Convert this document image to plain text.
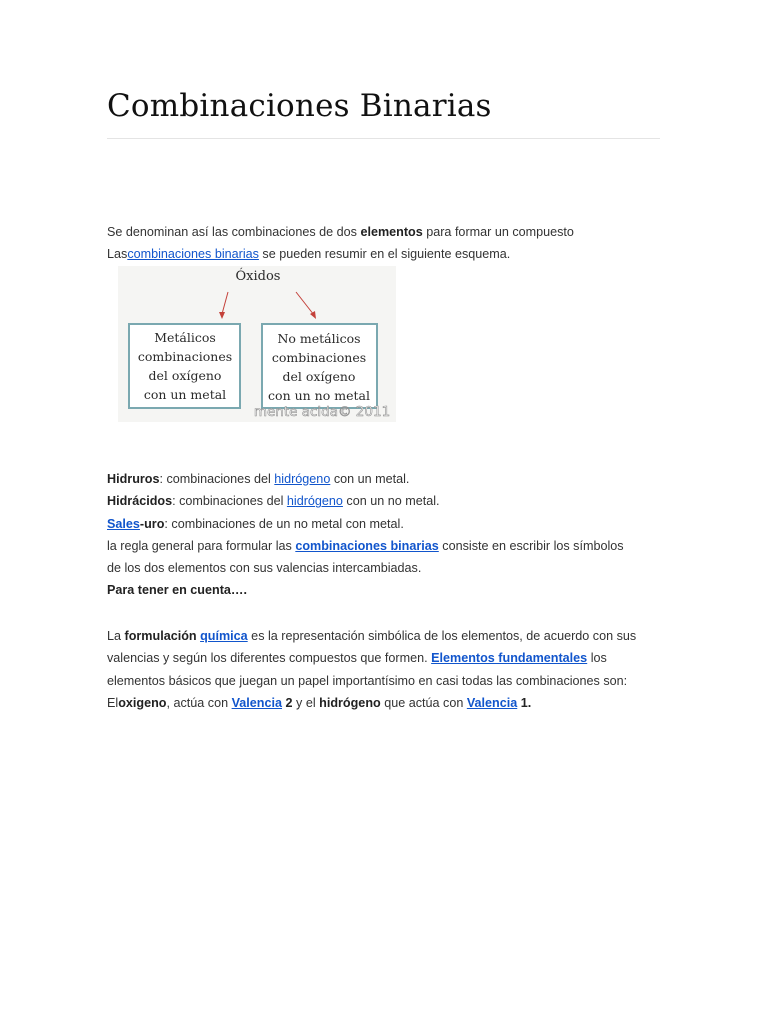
Combinaciones Binarias

Se denominan así las combinaciones de dos elementos para formar un compuesto

Lascombinaciones binarias se pueden resumir en el siguiente esquema.

Óxidos
Metálicos
combinaciones
del oxígeno
con un metal
No metálicos
combinaciones
del oxígeno
con un no metal
mente acida© 2011

Hidruros: combinaciones del hidrógeno con un metal.

Hidrácidos: combinaciones del hidrógeno con un no metal.

Sales-uro: combinaciones de un no metal con metal.

la regla general para formular las combinaciones binarias consiste en escribir los símbolos

de los dos elementos con sus valencias intercambiadas.

Para tener en cuenta….

La formulación química es la representación simbólica de los elementos, de acuerdo con sus

valencias y según los diferentes compuestos que formen. Elementos fundamentales los

elementos básicos que juegan un papel importantísimo en casi todas las combinaciones son:

Eloxigeno, actúa con Valencia 2 y el hidrógeno que actúa con Valencia 1.
